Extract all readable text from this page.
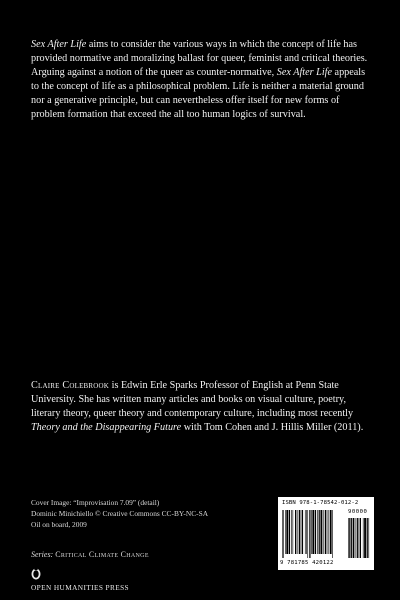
Sex After Life aims to consider the various ways in which the concept of life has provided normative and moralizing ballast for queer, feminist and critical theories. Arguing against a notion of the queer as counter-normative, Sex After Life appeals to the concept of life as a philosophical problem. Life is neither a material ground nor a generative principle, but can nevertheless offer itself for new forms of problem formation that exceed the all too human logics of survival.

Claire Colebrook is Edwin Erle Sparks Professor of English at Penn State University. She has written many articles and books on visual culture, poetry, literary theory, queer theory and contemporary culture, including most recently Theory and the Disappearing Future with Tom Cohen and J. Hillis Miller (2011).

Cover Image: “Improvisation 7.09” (detail)
Dominic Minichiello © Creative Commons CC-BY-NC-SA
Oil on board, 2009
Series: Critical Climate Change
OPEN HUMANITIES PRESS
ISBN 978-1-78542-012-2
90000
9 781785 420122
